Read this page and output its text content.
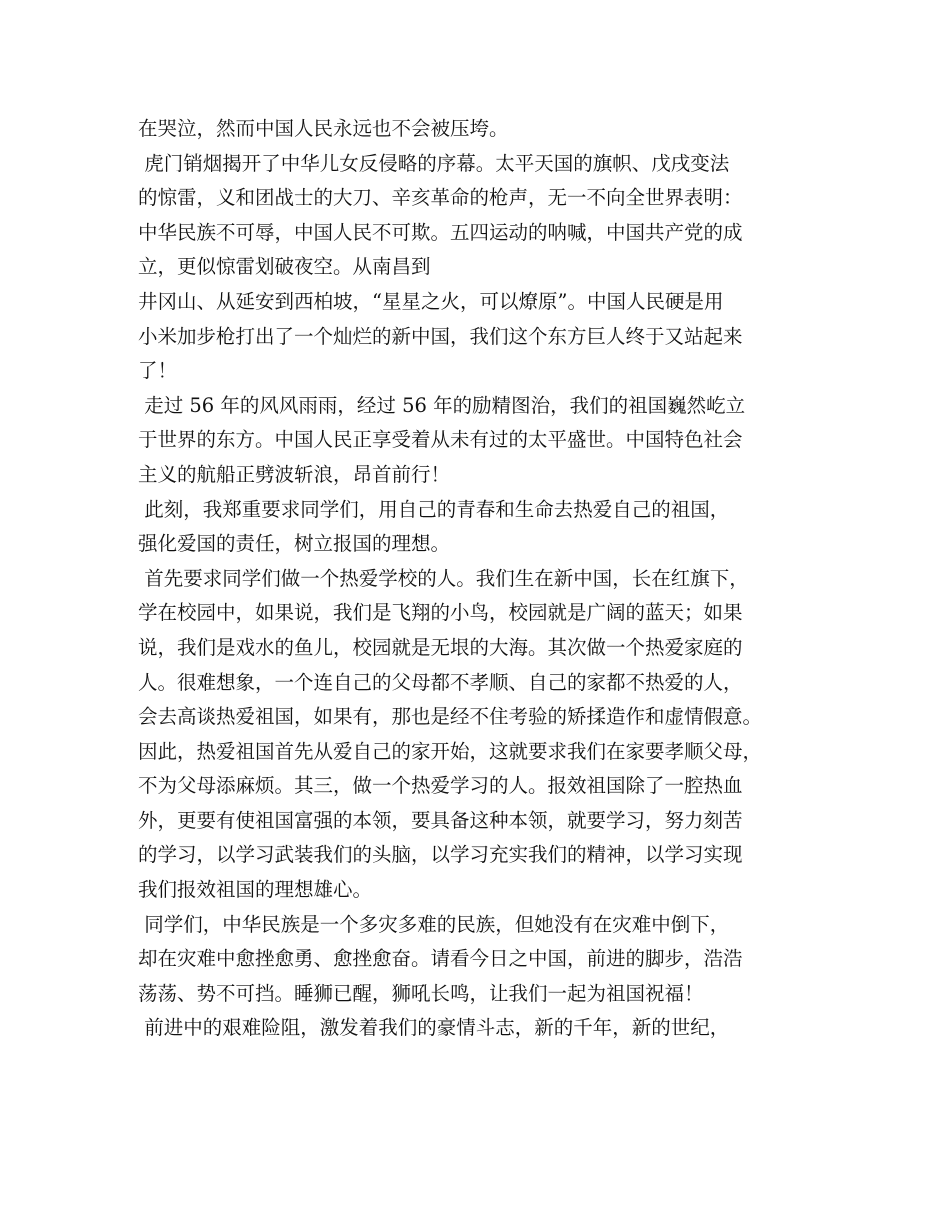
在哭泣，然而中国人民永远也不会被压垮。
虎门销烟揭开了中华儿女反侵略的序幕。太平天国的旗帜、戊戌变法
的惊雷，义和团战士的大刀、辛亥革命的枪声，无一不向全世界表明：
中华民族不可辱，中国人民不可欺。五四运动的呐喊，中国共产党的成
立，更似惊雷划破夜空。从南昌到
井冈山、从延安到西柏坡，“星星之火，可以燎原”。中国人民硬是用
小米加步枪打出了一个灿烂的新中国，我们这个东方巨人终于又站起来
了！
走过 56 年的风风雨雨，经过 56 年的励精图治，我们的祖国巍然屹立
于世界的东方。中国人民正享受着从未有过的太平盛世。中国特色社会
主义的航船正劈波斩浪，昂首前行！
此刻，我郑重要求同学们，用自己的青春和生命去热爱自己的祖国，
强化爱国的责任，树立报国的理想。
首先要求同学们做一个热爱学校的人。我们生在新中国，长在红旗下，
学在校园中，如果说，我们是飞翔的小鸟，校园就是广阔的蓝天；如果
说，我们是戏水的鱼儿，校园就是无垠的大海。其次做一个热爱家庭的
人。很难想象，一个连自己的父母都不孝顺、自己的家都不热爱的人，
会去高谈热爱祖国，如果有，那也是经不住考验的矫揉造作和虚情假意。
因此，热爱祖国首先从爱自己的家开始，这就要求我们在家要孝顺父母，
不为父母添麻烦。其三，做一个热爱学习的人。报效祖国除了一腔热血
外，更要有使祖国富强的本领，要具备这种本领，就要学习，努力刻苦
的学习，以学习武装我们的头脑，以学习充实我们的精神，以学习实现
我们报效祖国的理想雄心。
同学们，中华民族是一个多灾多难的民族，但她没有在灾难中倒下，
却在灾难中愈挫愈勇、愈挫愈奋。请看今日之中国，前进的脚步，浩浩
荡荡、势不可挡。睡狮已醒，狮吼长鸣，让我们一起为祖国祝福！
前进中的艰难险阻，激发着我们的豪情斗志，新的千年，新的世纪，
